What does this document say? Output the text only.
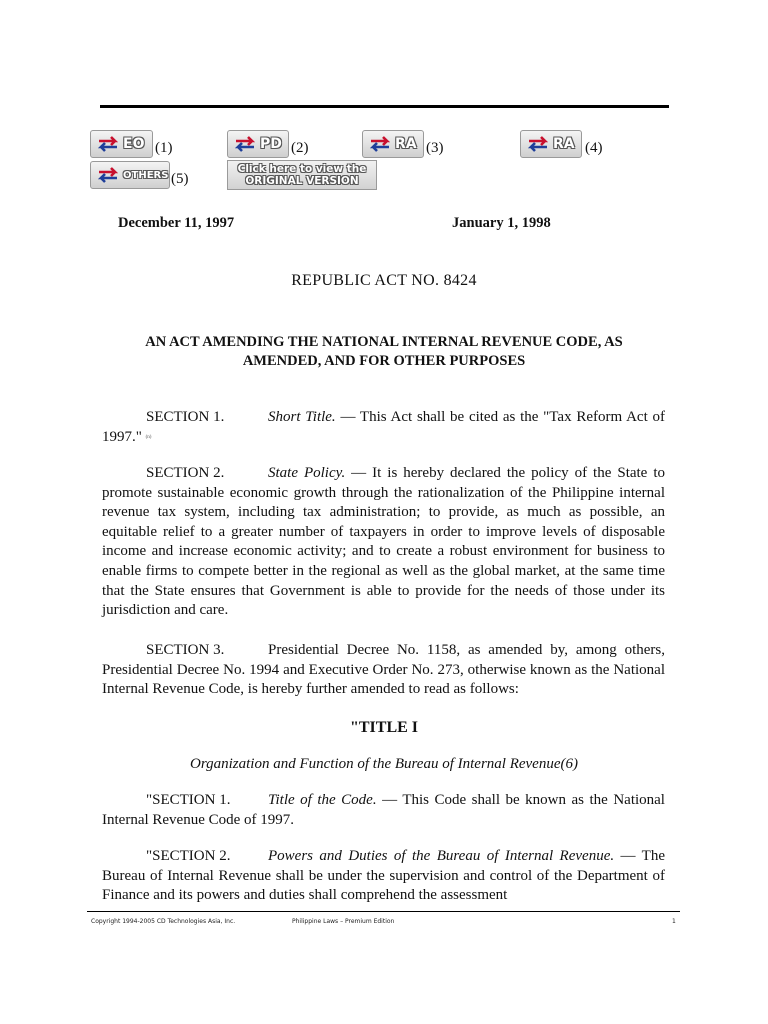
EO (1)	PD (2)	RA (3)	RA (4)
OTHERS (5)
Click here to view the
ORIGINAL VERSION
December 11, 1997	January 1, 1998
REPUBLIC ACT NO. 8424
AN ACT AMENDING THE NATIONAL INTERNAL REVENUE CODE, AS AMENDED, AND FOR OTHER PURPOSES
SECTION 1.	Short Title. — This Act shall be cited as the "Tax Reform Act of 1997." (n)
SECTION 2.	State Policy. — It is hereby declared the policy of the State to promote sustainable economic growth through the rationalization of the Philippine internal revenue tax system, including tax administration; to provide, as much as possible, an equitable relief to a greater number of taxpayers in order to improve levels of disposable income and increase economic activity; and to create a robust environment for business to enable firms to compete better in the regional as well as the global market, at the same time that the State ensures that Government is able to provide for the needs of those under its jurisdiction and care.
SECTION 3.	Presidential Decree No. 1158, as amended by, among others, Presidential Decree No. 1994 and Executive Order No. 273, otherwise known as the National Internal Revenue Code, is hereby further amended to read as follows:
"TITLE I
Organization and Function of the Bureau of Internal Revenue(6)
"SECTION 1.	Title of the Code. — This Code shall be known as the National Internal Revenue Code of 1997.
"SECTION 2.	Powers and Duties of the Bureau of Internal Revenue. — The Bureau of Internal Revenue shall be under the supervision and control of the Department of Finance and its powers and duties shall comprehend the assessment
Copyright 1994-2005 CD Technologies Asia, Inc.	Philippine Laws – Premium Edition	1
